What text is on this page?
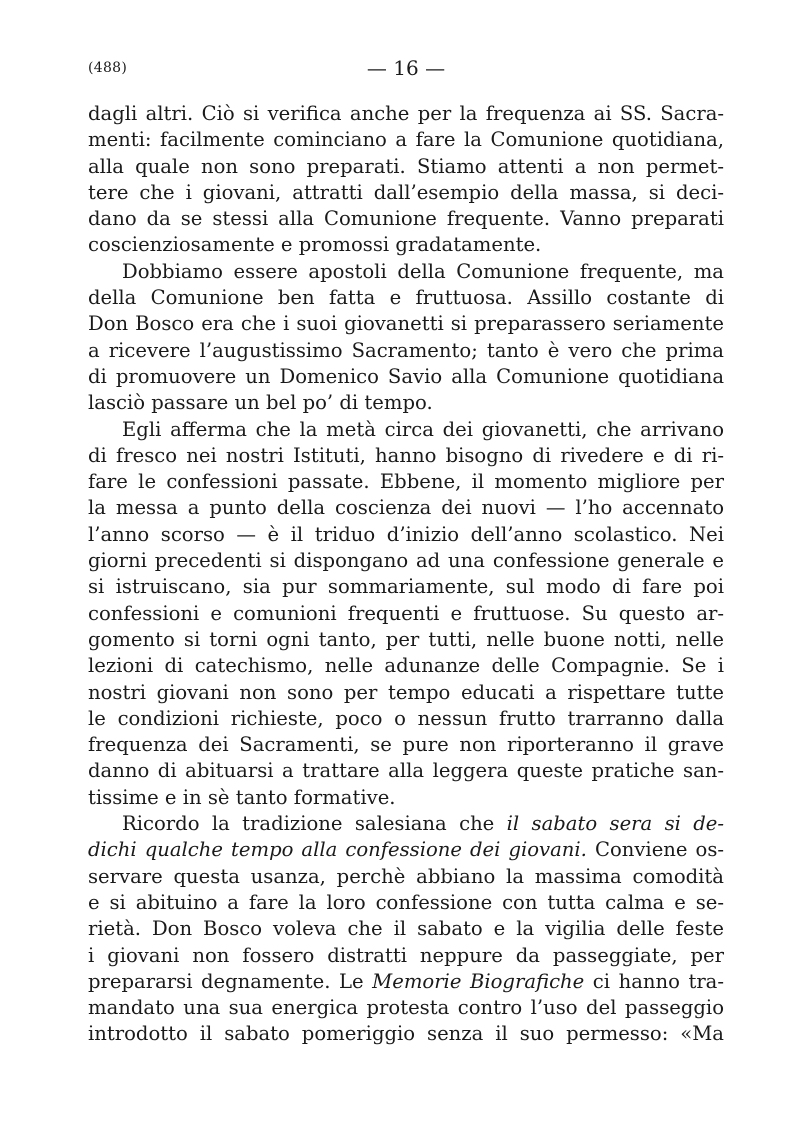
(488)	— 16 —
dagli altri. Ciò si verifica anche per la frequenza ai SS. Sacra-
menti: facilmente cominciano a fare la Comunione quotidiana,
alla quale non sono preparati. Stiamo attenti a non permet-
tere che i giovani, attratti dall’esempio della massa, si deci-
dano da se stessi alla Comunione frequente. Vanno preparati
coscienziosamente e promossi gradatamente.
Dobbiamo essere apostoli della Comunione frequente, ma
della Comunione ben fatta e fruttuosa. Assillo costante di
Don Bosco era che i suoi giovanetti si preparassero seriamente
a ricevere l’augustissimo Sacramento; tanto è vero che prima
di promuovere un Domenico Savio alla Comunione quotidiana
lasciò passare un bel po’ di tempo.
Egli afferma che la metà circa dei giovanetti, che arrivano
di fresco nei nostri Istituti, hanno bisogno di rivedere e di ri-
fare le confessioni passate. Ebbene, il momento migliore per
la messa a punto della coscienza dei nuovi — l’ho accennato
l’anno scorso — è il triduo d’inizio dell’anno scolastico. Nei
giorni precedenti si dispongano ad una confessione generale e
si istruiscano, sia pur sommariamente, sul modo di fare poi
confessioni e comunioni frequenti e fruttuose. Su questo ar-
gomento si torni ogni tanto, per tutti, nelle buone notti, nelle
lezioni di catechismo, nelle adunanze delle Compagnie. Se i
nostri giovani non sono per tempo educati a rispettare tutte
le condizioni richieste, poco o nessun frutto trarranno dalla
frequenza dei Sacramenti, se pure non riporteranno il grave
danno di abituarsi a trattare alla leggera queste pratiche san-
tissime e in sè tanto formative.
Ricordo la tradizione salesiana che il sabato sera si de-
dichi qualche tempo alla confessione dei giovani. Conviene os-
servare questa usanza, perchè abbiano la massima comodità
e si abituino a fare la loro confessione con tutta calma e se-
rietà. Don Bosco voleva che il sabato e la vigilia delle feste
i giovani non fossero distratti neppure da passeggiate, per
prepararsi degnamente. Le Memorie Biografiche ci hanno tra-
mandato una sua energica protesta contro l’uso del passeggio
introdotto il sabato pomeriggio senza il suo permesso: «Ma
